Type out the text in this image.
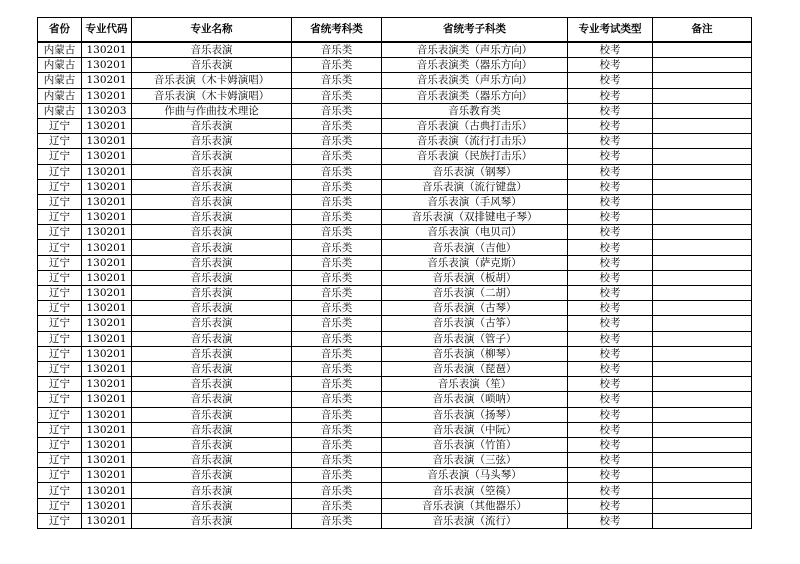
省份	专业代码	专业名称	省统考科类	省统考子科类	专业考试类型	备注
内蒙古	130201	音乐表演	音乐类	音乐表演类（声乐方向）	校考	
内蒙古	130201	音乐表演	音乐类	音乐表演类（器乐方向）	校考	
内蒙古	130201	音乐表演（木卡姆演唱）	音乐类	音乐表演类（声乐方向）	校考	
内蒙古	130201	音乐表演（木卡姆演唱）	音乐类	音乐表演类（器乐方向）	校考	
内蒙古	130203	作曲与作曲技术理论	音乐类	音乐教育类	校考	
辽宁	130201	音乐表演	音乐类	音乐表演（古典打击乐）	校考	
辽宁	130201	音乐表演	音乐类	音乐表演（流行打击乐）	校考	
辽宁	130201	音乐表演	音乐类	音乐表演（民族打击乐）	校考	
辽宁	130201	音乐表演	音乐类	音乐表演（钢琴）	校考	
辽宁	130201	音乐表演	音乐类	音乐表演（流行键盘）	校考	
辽宁	130201	音乐表演	音乐类	音乐表演（手风琴）	校考	
辽宁	130201	音乐表演	音乐类	音乐表演（双排键电子琴）	校考	
辽宁	130201	音乐表演	音乐类	音乐表演（电贝司）	校考	
辽宁	130201	音乐表演	音乐类	音乐表演（吉他）	校考	
辽宁	130201	音乐表演	音乐类	音乐表演（萨克斯）	校考	
辽宁	130201	音乐表演	音乐类	音乐表演（板胡）	校考	
辽宁	130201	音乐表演	音乐类	音乐表演（二胡）	校考	
辽宁	130201	音乐表演	音乐类	音乐表演（古琴）	校考	
辽宁	130201	音乐表演	音乐类	音乐表演（古筝）	校考	
辽宁	130201	音乐表演	音乐类	音乐表演（管子）	校考	
辽宁	130201	音乐表演	音乐类	音乐表演（柳琴）	校考	
辽宁	130201	音乐表演	音乐类	音乐表演（琵琶）	校考	
辽宁	130201	音乐表演	音乐类	音乐表演（笙）	校考	
辽宁	130201	音乐表演	音乐类	音乐表演（唢呐）	校考	
辽宁	130201	音乐表演	音乐类	音乐表演（扬琴）	校考	
辽宁	130201	音乐表演	音乐类	音乐表演（中阮）	校考	
辽宁	130201	音乐表演	音乐类	音乐表演（竹笛）	校考	
辽宁	130201	音乐表演	音乐类	音乐表演（三弦）	校考	
辽宁	130201	音乐表演	音乐类	音乐表演（马头琴）	校考	
辽宁	130201	音乐表演	音乐类	音乐表演（箜篌）	校考	
辽宁	130201	音乐表演	音乐类	音乐表演（其他器乐）	校考	
辽宁	130201	音乐表演	音乐类	音乐表演（流行）	校考	
